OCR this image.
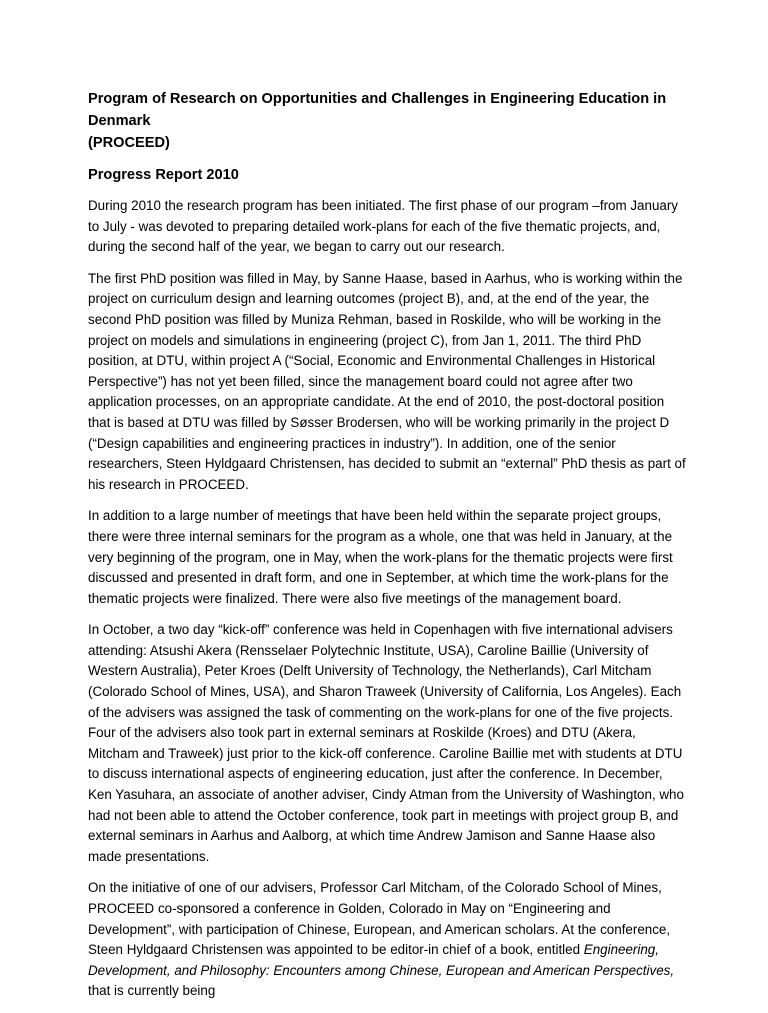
Program of Research on Opportunities and Challenges in Engineering Education in Denmark
(PROCEED)
Progress Report 2010

During 2010 the research program has been initiated. The first phase of our program –from January to July - was devoted to preparing detailed work-plans for each of the five thematic projects, and, during the second half of the year, we began to carry out our research.

The first PhD position was filled in May, by Sanne Haase, based in Aarhus, who is working within the project on curriculum design and learning outcomes (project B), and, at the end of the year, the second PhD position was filled by Muniza Rehman, based in Roskilde, who will be working in the project on models and simulations in engineering (project C), from Jan 1, 2011. The third PhD position, at DTU, within project A (“Social, Economic and Environmental Challenges in Historical Perspective”) has not yet been filled, since the management board could not agree after two application processes, on an appropriate candidate. At the end of 2010, the post-doctoral position that is based at DTU was filled by Søsser Brodersen, who will be working primarily in the project D (“Design capabilities and engineering practices in industry”). In addition, one of the senior researchers, Steen Hyldgaard Christensen, has decided to submit an “external” PhD thesis as part of his research in PROCEED.

In addition to a large number of meetings that have been held within the separate project groups, there were three internal seminars for the program as a whole, one that was held in January, at the very beginning of the program, one in May, when the work-plans for the thematic projects were first discussed and presented in draft form, and one in September, at which time the work-plans for the thematic projects were finalized. There were also five meetings of the management board.

In October, a two day “kick-off” conference was held in Copenhagen with five international advisers attending: Atsushi Akera (Rensselaer Polytechnic Institute, USA), Caroline Baillie (University of Western Australia), Peter Kroes (Delft University of Technology, the Netherlands), Carl Mitcham (Colorado School of Mines, USA), and Sharon Traweek (University of California, Los Angeles). Each of the advisers was assigned the task of commenting on the work-plans for one of the five projects. Four of the advisers also took part in external seminars at Roskilde (Kroes) and DTU (Akera, Mitcham and Traweek) just prior to the kick-off conference. Caroline Baillie met with students at DTU to discuss international aspects of engineering education, just after the conference. In December, Ken Yasuhara, an associate of another adviser, Cindy Atman from the University of Washington, who had not been able to attend the October conference, took part in meetings with project group B, and external seminars in Aarhus and Aalborg, at which time Andrew Jamison and Sanne Haase also made presentations.

On the initiative of one of our advisers, Professor Carl Mitcham, of the Colorado School of Mines, PROCEED co-sponsored a conference in Golden, Colorado in May on “Engineering and Development”, with participation of Chinese, European, and American scholars. At the conference, Steen Hyldgaard Christensen was appointed to be editor-in chief of a book, entitled Engineering, Development, and Philosophy: Encounters among Chinese, European and American Perspectives, that is currently being
